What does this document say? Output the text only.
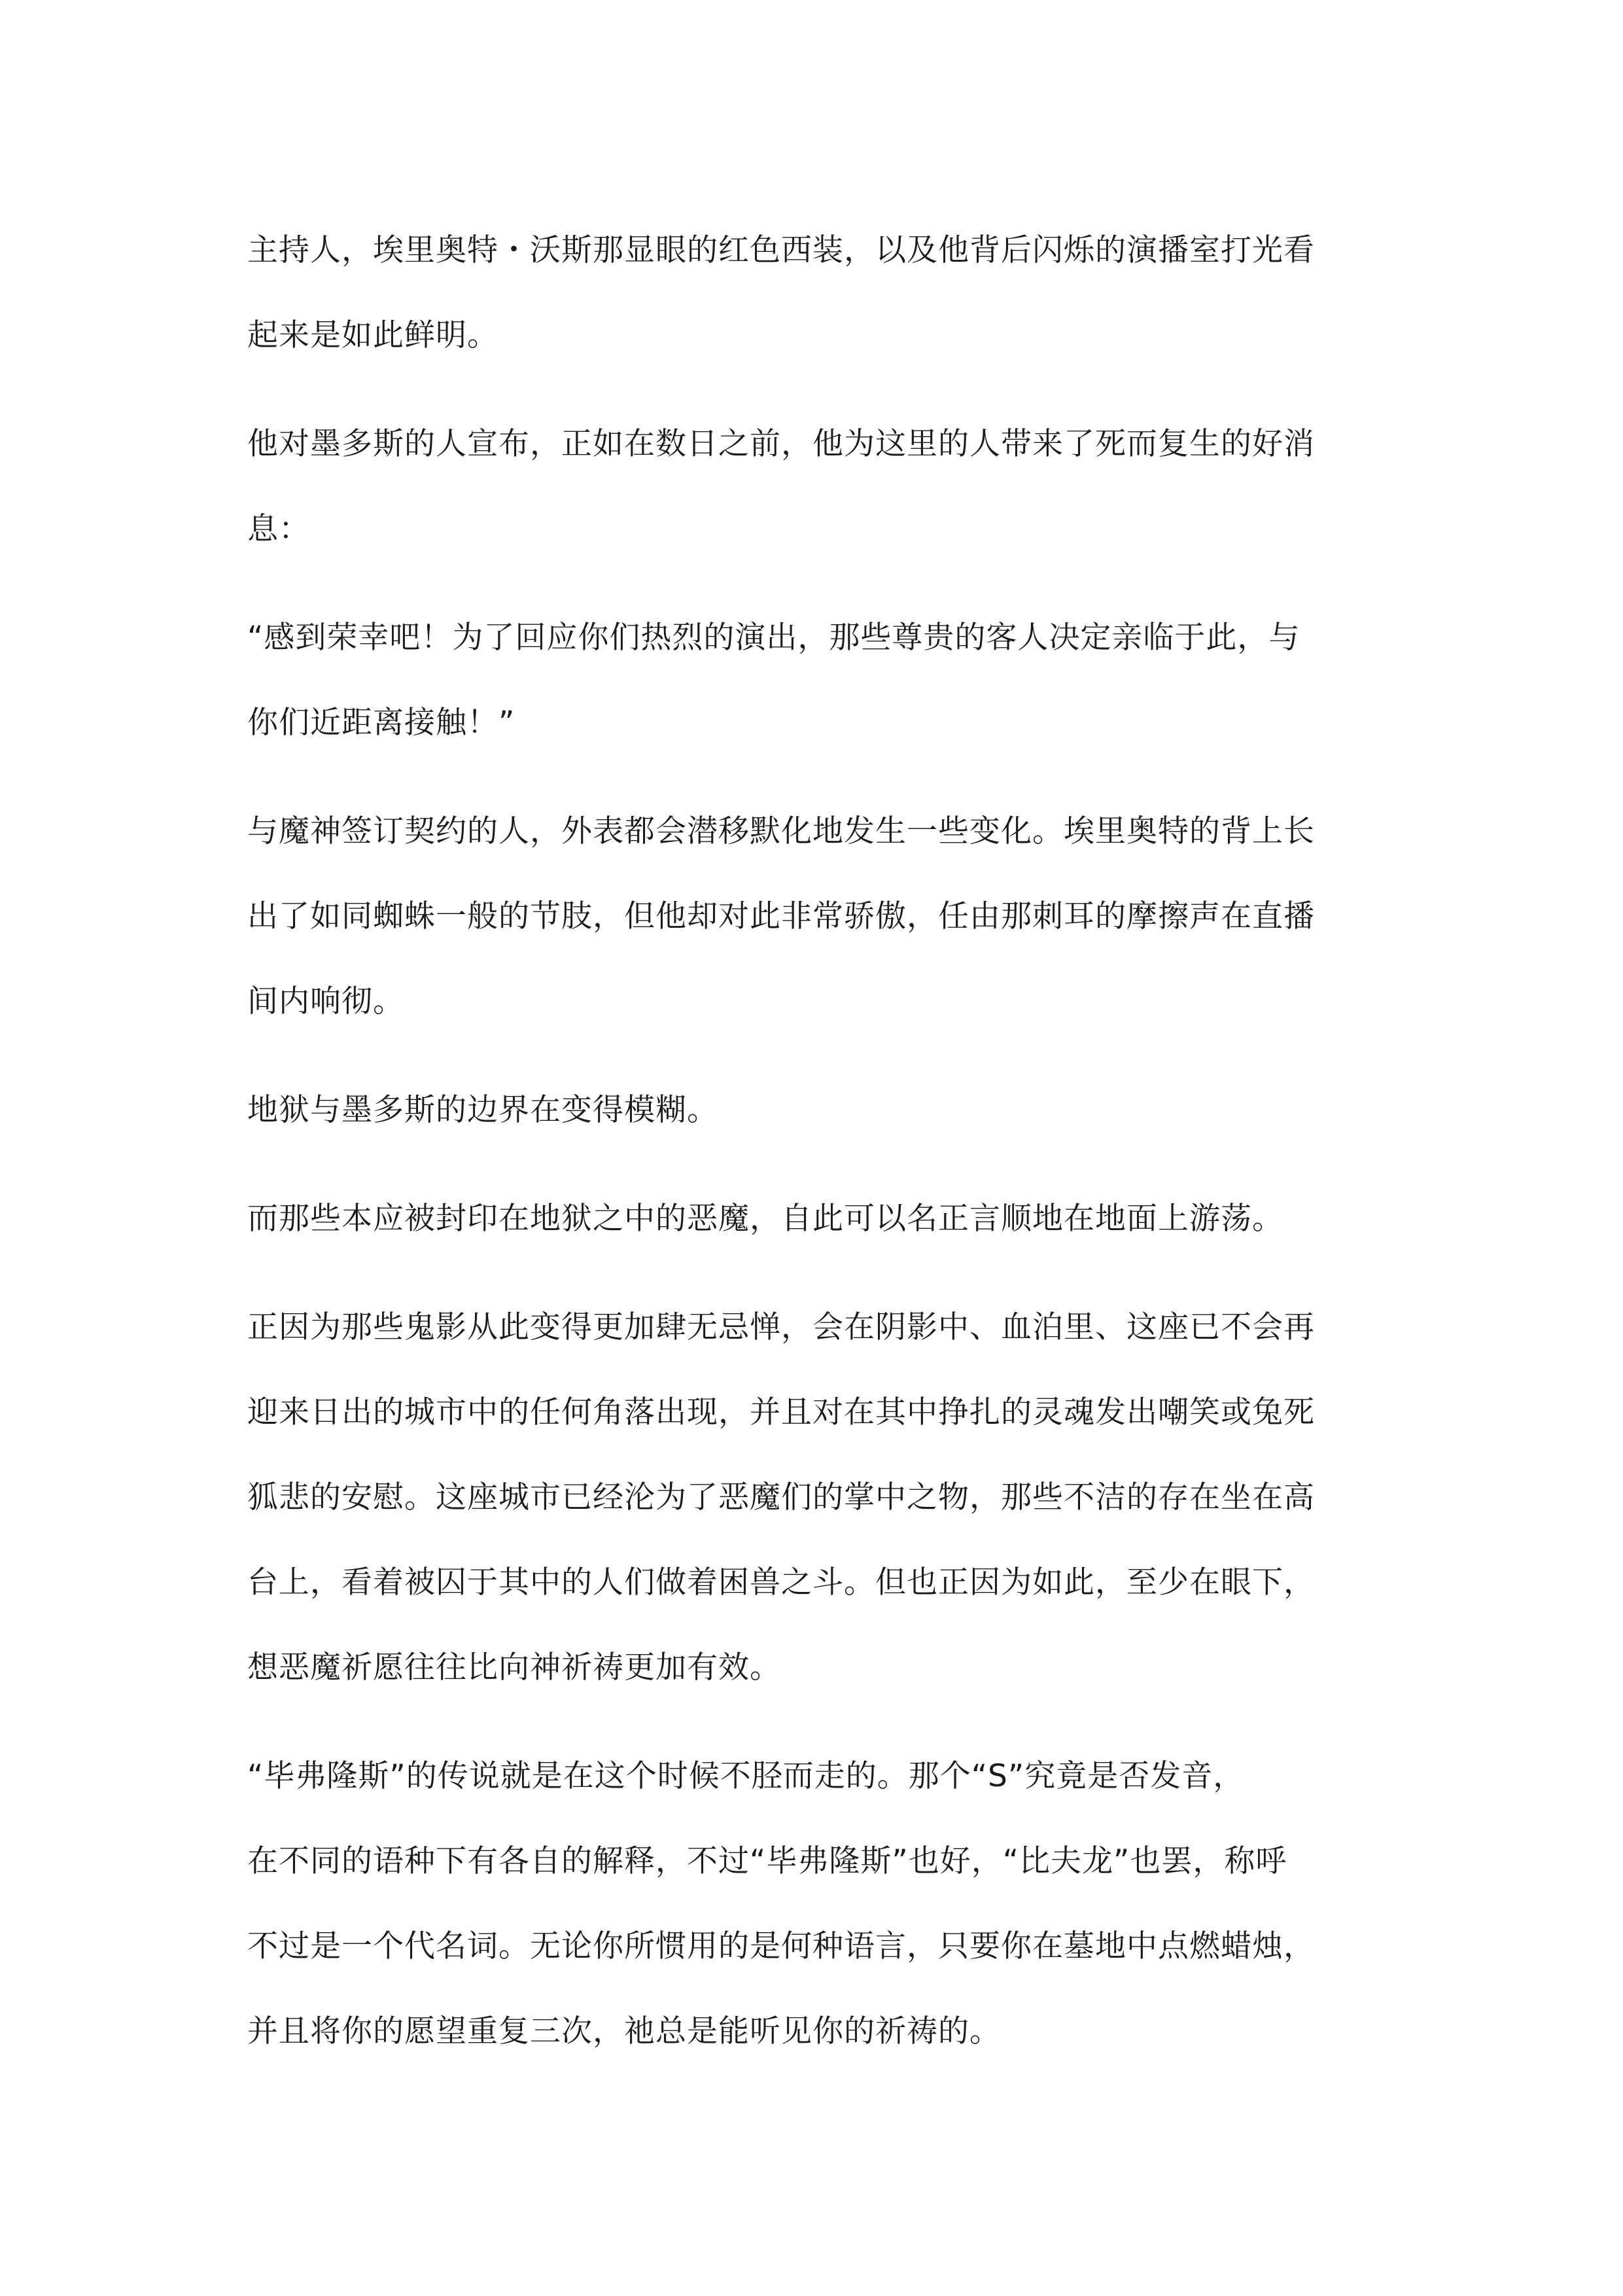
主持人，埃里奥特・沃斯那显眼的红色西装，以及他背后闪烁的演播室打光看
起来是如此鲜明。

他对墨多斯的人宣布，正如在数日之前，他为这里的人带来了死而复生的好消
息：

“感到荣幸吧！为了回应你们热烈的演出，那些尊贵的客人决定亲临于此，与
你们近距离接触！”

与魔神签订契约的人，外表都会潜移默化地发生一些变化。埃里奥特的背上长
出了如同蜘蛛一般的节肢，但他却对此非常骄傲，任由那刺耳的摩擦声在直播
间内响彻。

地狱与墨多斯的边界在变得模糊。

而那些本应被封印在地狱之中的恶魔，自此可以名正言顺地在地面上游荡。

正因为那些鬼影从此变得更加肆无忌惮，会在阴影中、血泊里、这座已不会再
迎来日出的城市中的任何角落出现，并且对在其中挣扎的灵魂发出嘲笑或兔死
狐悲的安慰。这座城市已经沦为了恶魔们的掌中之物，那些不洁的存在坐在高
台上，看着被囚于其中的人们做着困兽之斗。但也正因为如此，至少在眼下，
想恶魔祈愿往往比向神祈祷更加有效。

“毕弗隆斯”的传说就是在这个时候不胫而走的。那个“S”究竟是否发音，
在不同的语种下有各自的解释，不过“毕弗隆斯”也好，“比夫龙”也罢，称呼
不过是一个代名词。无论你所惯用的是何种语言，只要你在墓地中点燃蜡烛，
并且将你的愿望重复三次，祂总是能听见你的祈祷的。
